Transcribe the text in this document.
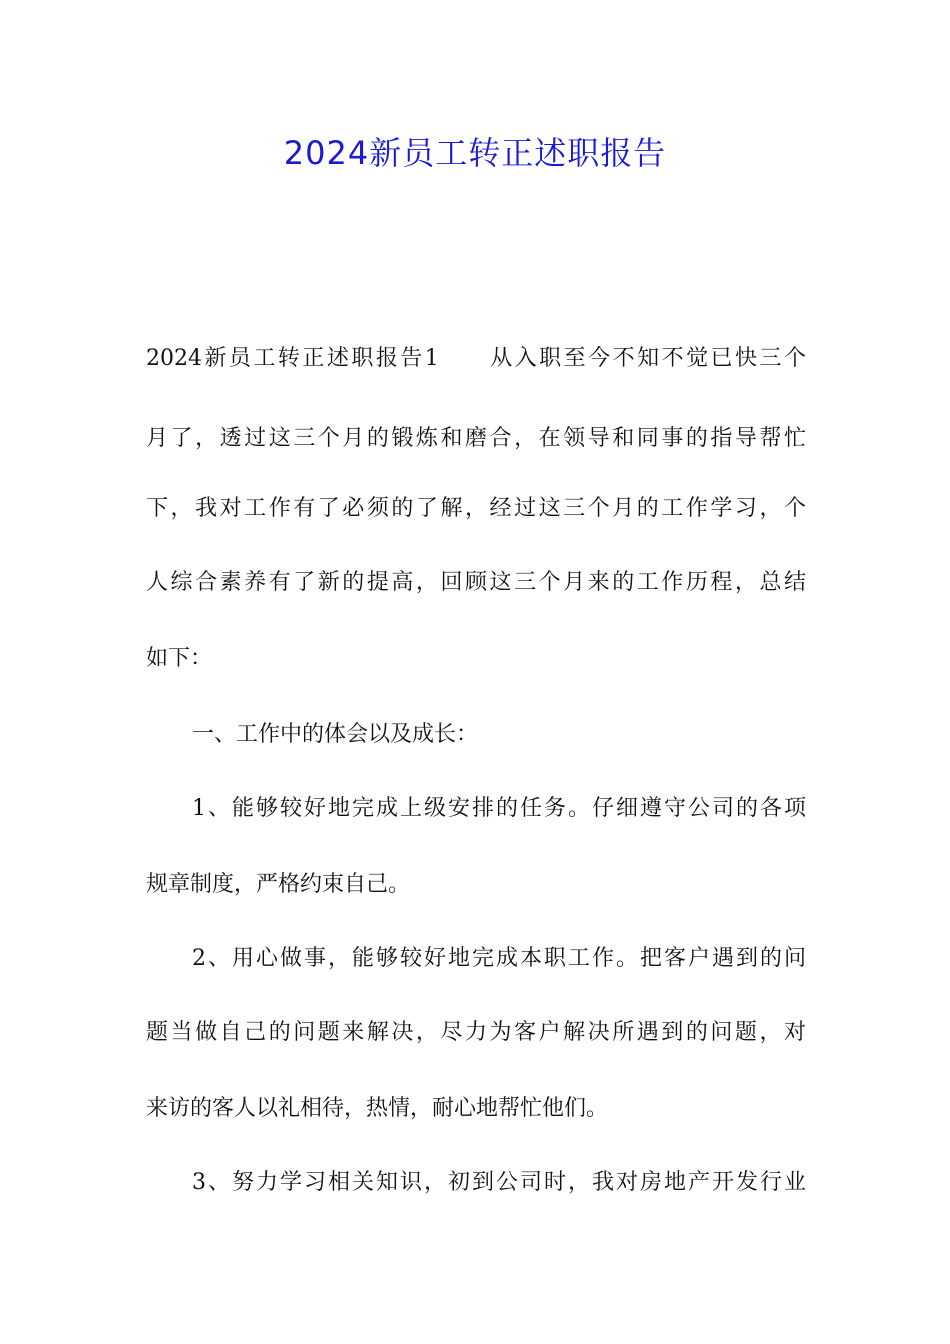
2024新员工转正述职报告
2024新员工转正述职报告1　　从入职至今不知不觉已快三个
月了，透过这三个月的锻炼和磨合，在领导和同事的指导帮忙
下，我对工作有了必须的了解，经过这三个月的工作学习，个
人综合素养有了新的提高，回顾这三个月来的工作历程，总结
如下：
一、工作中的体会以及成长：
1、能够较好地完成上级安排的任务。仔细遵守公司的各项
规章制度，严格约束自己。
2、用心做事，能够较好地完成本职工作。把客户遇到的问
题当做自己的问题来解决，尽力为客户解决所遇到的问题，对
来访的客人以礼相待，热情，耐心地帮忙他们。
3、努力学习相关知识，初到公司时，我对房地产开发行业
